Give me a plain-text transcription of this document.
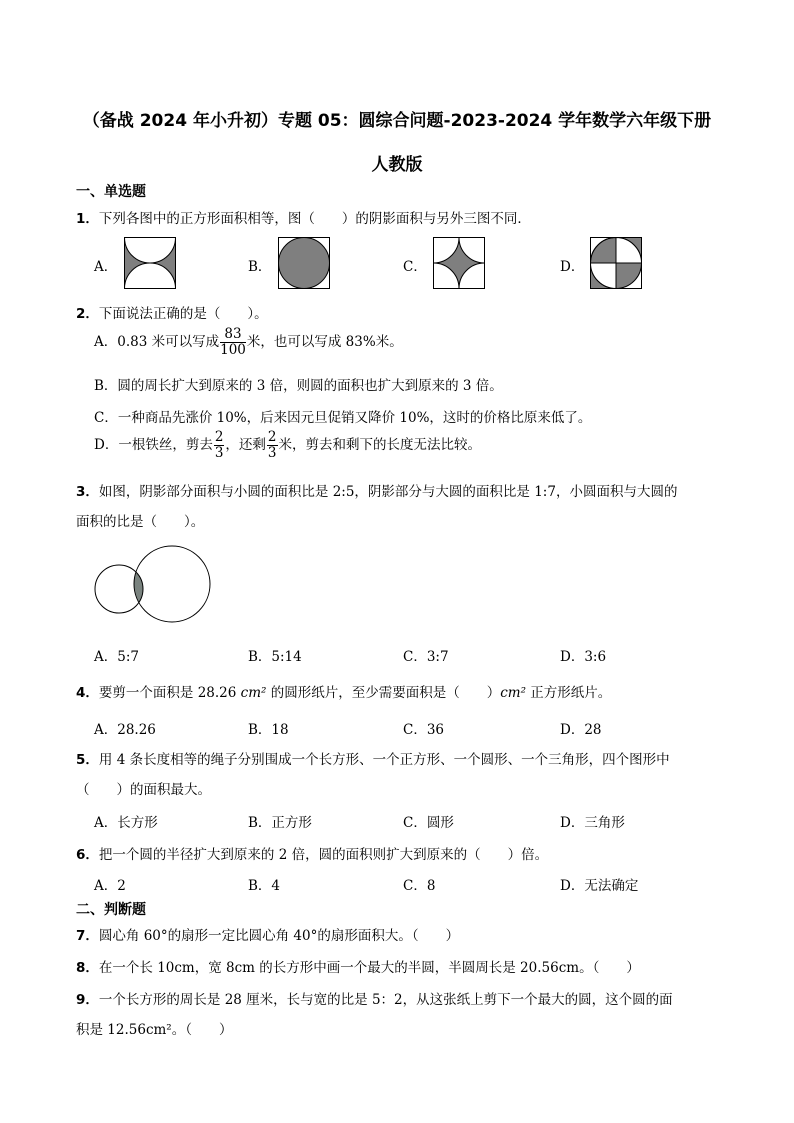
（备战 2024 年小升初）专题 05：圆综合问题-2023-2024 学年数学六年级下册
人教版
一、单选题
1．下列各图中的正方形面积相等，图（　　）的阴影面积与另外三图不同．
A．	B．	C．	D．
2．下面说法正确的是（　　）。
A．0.83 米可以写成 $\frac{83}{100}$ 米，也可以写成 83%米。
B．圆的周长扩大到原来的 3 倍，则圆的面积也扩大到原来的 3 倍。
C．一种商品先涨价 10%，后来因元旦促销又降价 10%，这时的价格比原来低了。
D．一根铁丝，剪去 $\frac{2}{3}$ ，还剩 $\frac{2}{3}$ 米，剪去和剩下的长度无法比较。
3．如图，阴影部分面积与小圆的面积比是 2:5，阴影部分与大圆的面积比是 1:7，小圆面积与大圆的
面积的比是（　　）。
A．5:7	B．5:14	C．3:7	D．3:6
4．要剪一个面积是 28.26 cm² 的圆形纸片，至少需要面积是（　　）cm² 正方形纸片。
A．28.26	B．18	C．36	D．28
5．用 4 条长度相等的绳子分别围成一个长方形、一个正方形、一个圆形、一个三角形，四个图形中
（　　）的面积最大。
A．长方形	B．正方形	C．圆形	D．三角形
6．把一个圆的半径扩大到原来的 2 倍，圆的面积则扩大到原来的（　　）倍。
A．2	B．4	C．8	D．无法确定
二、判断题
7．圆心角 60°的扇形一定比圆心角 40°的扇形面积大。（　　）
8．在一个长 10cm，宽 8cm 的长方形中画一个最大的半圆，半圆周长是 20.56cm。（　　）
9．一个长方形的周长是 28 厘米，长与宽的比是 5：2，从这张纸上剪下一个最大的圆，这个圆的面
积是 12.56cm²。（　　）
